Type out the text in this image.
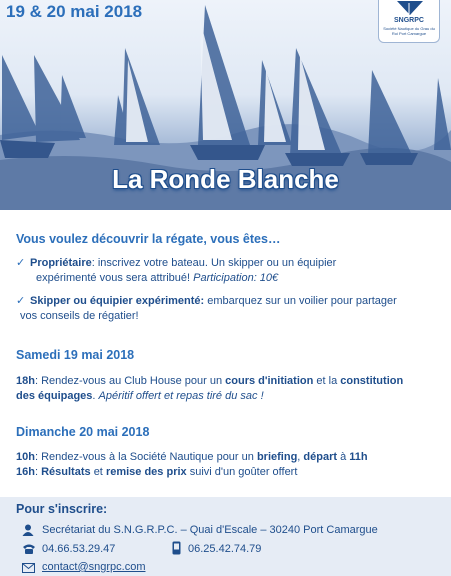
19 & 20 mai 2018	SNGRPC
Société Nautique du Grau du Roi Port Camargue
La Ronde Blanche
Vous voulez découvrir la régate, vous êtes…
✓ Propriétaire: inscrivez votre bateau. Un skipper ou un équipier
expérimenté vous sera attribué! Participation: 10€
✓ Skipper ou équipier expérimenté: embarquez sur un voilier pour partager
vos conseils de régatier!
Samedi 19 mai 2018
18h: Rendez-vous au Club House pour un cours d'initiation et la constitution
des équipages. Apéritif offert et repas tiré du sac !
Dimanche 20 mai 2018
10h: Rendez-vous à la Société Nautique pour un briefing, départ à 11h
16h: Résultats et remise des prix suivi d'un goûter offert
Pour s'inscrire:
Secrétariat du S.N.G.R.P.C. – Quai d'Escale – 30240 Port Camargue
04.66.53.29.47	06.25.42.74.79
contact@sngrpc.com
